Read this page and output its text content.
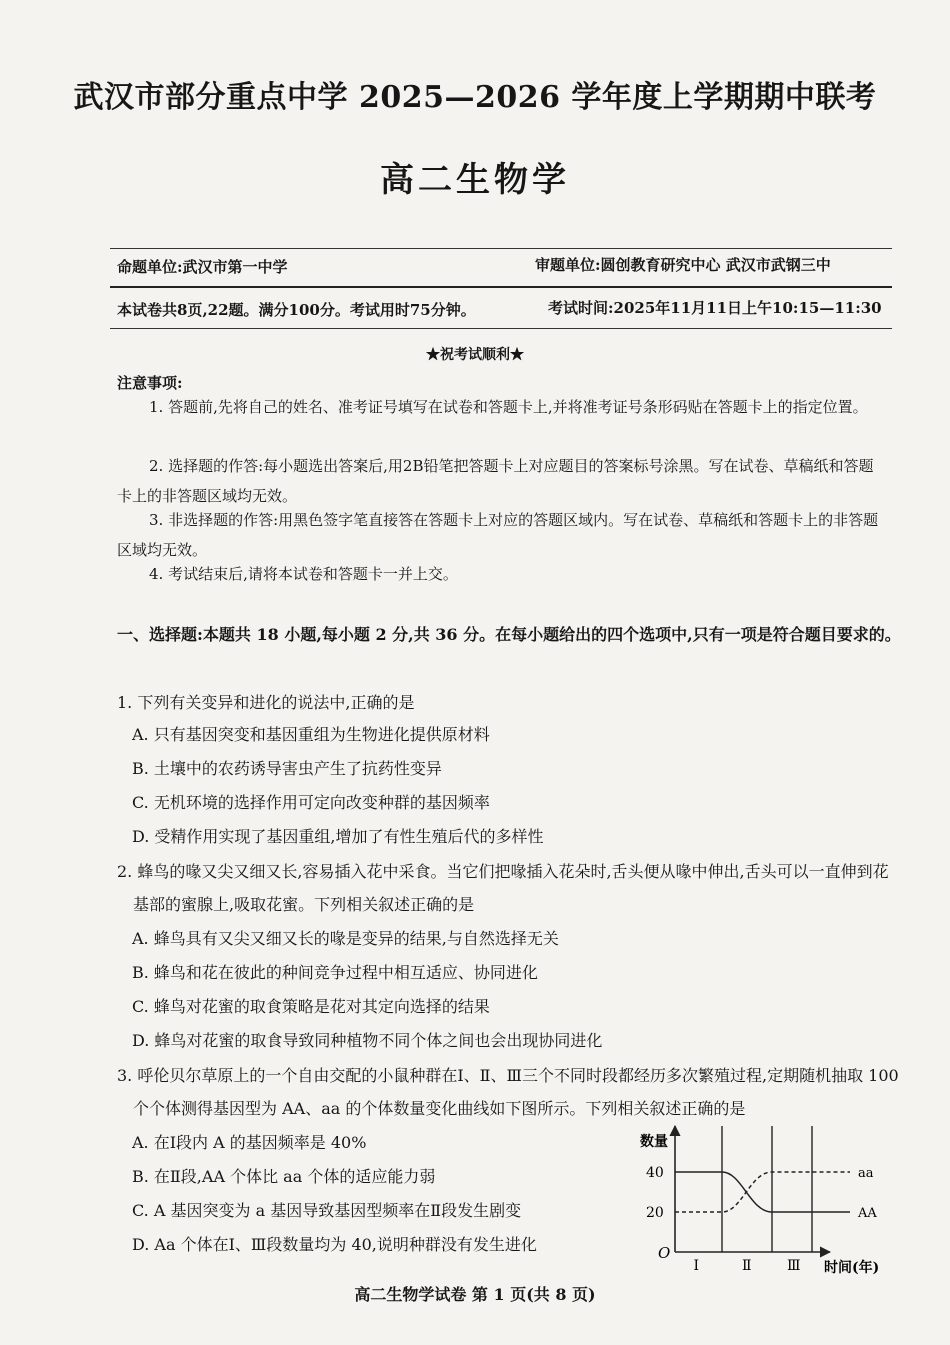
武汉市部分重点中学 2025—2026 学年度上学期期中联考
高二生物学
命题单位:武汉市第一中学	审题单位:圆创教育研究中心 武汉市武钢三中
本试卷共8页,22题。满分100分。考试用时75分钟。	考试时间:2025年11月11日上午10:15—11:30
★祝考试顺利★
注意事项:
1. 答题前,先将自己的姓名、准考证号填写在试卷和答题卡上,并将准考证号条形码贴在答题卡上的指定位置。
2. 选择题的作答:每小题选出答案后,用2B铅笔把答题卡上对应题目的答案标号涂黑。写在试卷、草稿纸和答题卡上的非答题区域均无效。
3. 非选择题的作答:用黑色签字笔直接答在答题卡上对应的答题区域内。写在试卷、草稿纸和答题卡上的非答题区域均无效。
4. 考试结束后,请将本试卷和答题卡一并上交。
一、选择题:本题共 18 小题,每小题 2 分,共 36 分。在每小题给出的四个选项中,只有一项是符合题目要求的。
1. 下列有关变异和进化的说法中,正确的是
A. 只有基因突变和基因重组为生物进化提供原材料
B. 土壤中的农药诱导害虫产生了抗药性变异
C. 无机环境的选择作用可定向改变种群的基因频率
D. 受精作用实现了基因重组,增加了有性生殖后代的多样性
2. 蜂鸟的喙又尖又细又长,容易插入花中采食。当它们把喙插入花朵时,舌头便从喙中伸出,舌头可以一直伸到花基部的蜜腺上,吸取花蜜。下列相关叙述正确的是
A. 蜂鸟具有又尖又细又长的喙是变异的结果,与自然选择无关
B. 蜂鸟和花在彼此的种间竞争过程中相互适应、协同进化
C. 蜂鸟对花蜜的取食策略是花对其定向选择的结果
D. 蜂鸟对花蜜的取食导致同种植物不同个体之间也会出现协同进化
3. 呼伦贝尔草原上的一个自由交配的小鼠种群在Ⅰ、Ⅱ、Ⅲ三个不同时段都经历多次繁殖过程,定期随机抽取 100 个个体测得基因型为 AA、aa 的个体数量变化曲线如下图所示。下列相关叙述正确的是
A. 在Ⅰ段内 A 的基因频率是 40%
B. 在Ⅱ段,AA 个体比 aa 个体的适应能力弱
C. A 基因突变为 a 基因导致基因型频率在Ⅱ段发生剧变
D. Aa 个体在Ⅰ、Ⅲ段数量均为 40,说明种群没有发生进化
数量
时间(年)
O
40
20
Ⅰ	Ⅱ	Ⅲ
AA
aa
高二生物学试卷 第 1 页(共 8 页)
